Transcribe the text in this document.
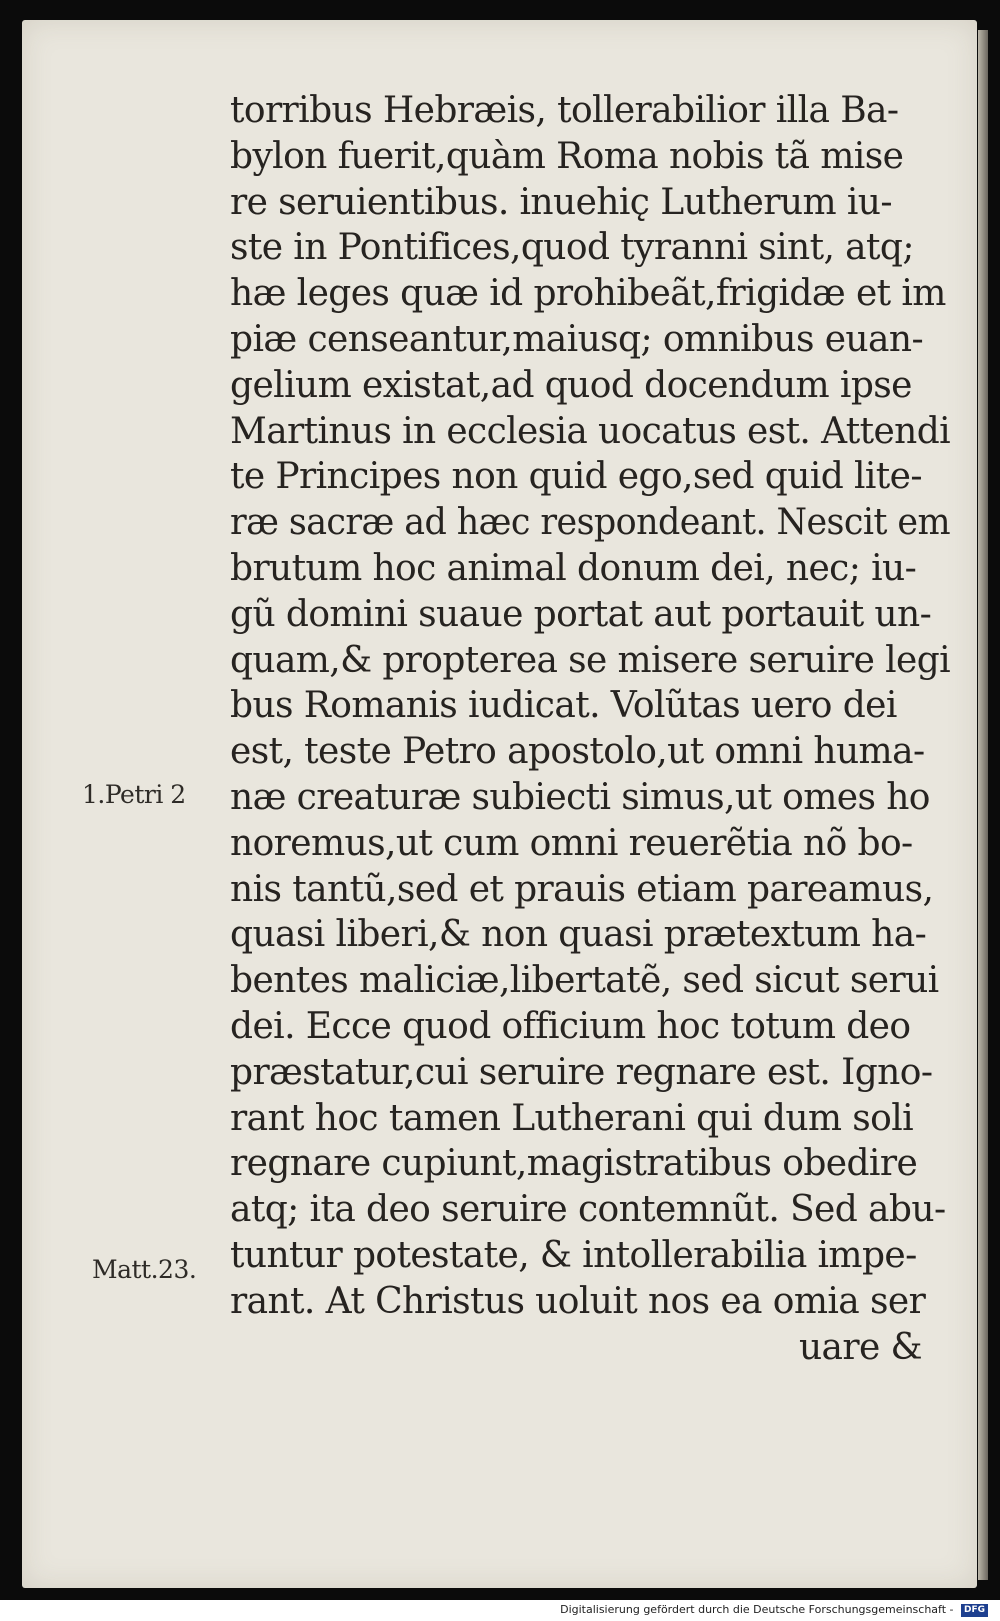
torribus Hebræis, tollerabilior illa Ba-
bylon fuerit,quàm Roma nobis tã mise
re seruientibus. inuehic̨ Lutherum iu-
ste in Pontifices,quod tyranni sint, atq;
hæ leges quæ id prohibeãt,frigidæ et im
piæ censeantur,maiusq; omnibus euan-
gelium existat,ad quod docendum ipse
Martinus in ecclesia uocatus est. Attendi
te Principes non quid ego,sed quid lite-
ræ sacræ ad hæc respondeant. Nescit em
brutum hoc animal donum dei, nec; iu-
gũ domini suaue portat aut portauit un-
quam,& propterea se misere seruire legi
bus Romanis iudicat. Volũtas uero dei
est, teste Petro apostolo,ut omni huma-
næ creaturæ subiecti simus,ut omes ho
noremus,ut cum omni reuerẽtia nõ bo-
nis tantũ,sed et prauis etiam pareamus,
quasi liberi,& non quasi prætextum ha-
bentes maliciæ,libertatẽ, sed sicut serui
dei. Ecce quod officium hoc totum deo
præstatur,cui seruire regnare est. Igno-
rant hoc tamen Lutherani qui dum soli
regnare cupiunt,magistratibus obedire
atq; ita deo seruire contemnũt. Sed abu-
tuntur potestate, & intollerabilia impe-
rant. At Christus uoluit nos ea omia ser
uare &
1.Petri 2
Matt.23.
Digitalisierung gefördert durch die Deutsche Forschungsgemeinschaft - DFG
